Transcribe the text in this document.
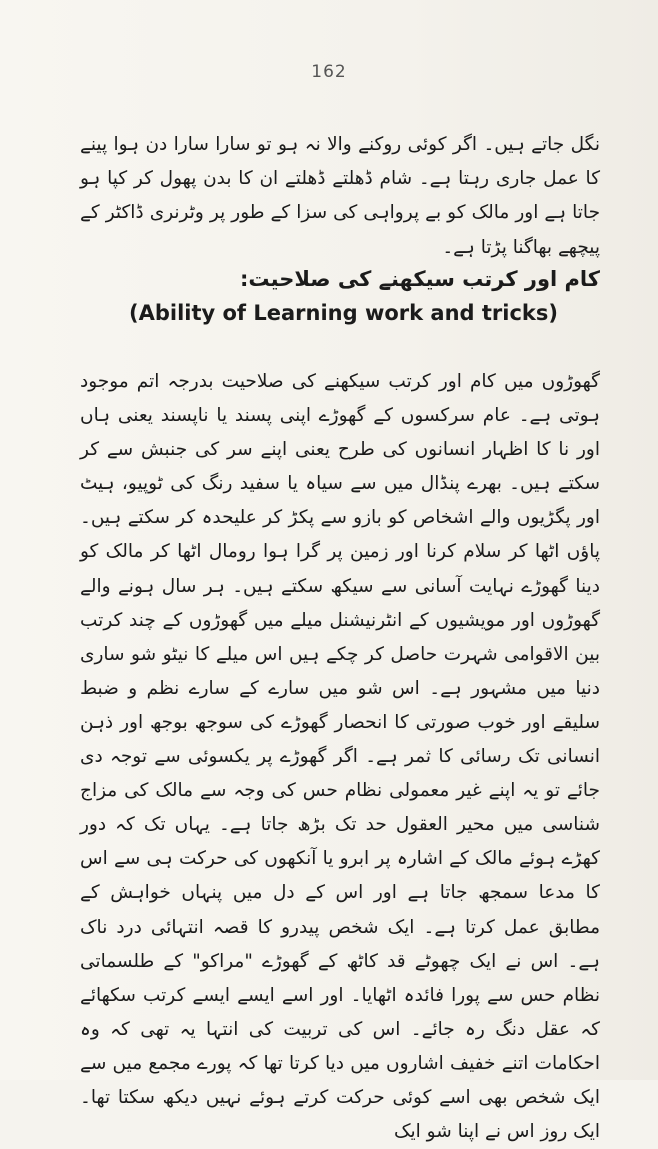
162

نگل جاتے ہیں۔ اگر کوئی روکنے والا نہ ہو تو سارا سارا دن ہوا پینے کا عمل جاری رہتا ہے۔ شام ڈھلتے ڈھلتے ان کا بدن پھول کر کپا ہو جاتا ہے اور مالک کو بے پرواہی کی سزا کے طور پر وٹرنری ڈاکٹر کے پیچھے بھاگنا پڑتا ہے۔

کام اور کرتب سیکھنے کی صلاحیت:
(Ability of Learning work and tricks)

گھوڑوں میں کام اور کرتب سیکھنے کی صلاحیت بدرجہ اتم موجود ہوتی ہے۔ عام سرکسوں کے گھوڑے اپنی پسند یا ناپسند یعنی ہاں اور نا کا اظہار انسانوں کی طرح یعنی اپنے سر کی جنبش سے کر سکتے ہیں۔ بھرے پنڈال میں سے سیاہ یا سفید رنگ کی ٹوپیو، ہیٹ اور پگڑیوں والے اشخاص کو بازو سے پکڑ کر علیحدہ کر سکتے ہیں۔ پاؤں اٹھا کر سلام کرنا اور زمین پر گرا ہوا رومال اٹھا کر مالک کو دینا گھوڑے نہایت آسانی سے سیکھ سکتے ہیں۔ ہر سال ہونے والے گھوڑوں اور مویشیوں کے انٹرنیشنل میلے میں گھوڑوں کے چند کرتب بین الاقوامی شہرت حاصل کر چکے ہیں اس میلے کا نیٹو شو ساری دنیا میں مشہور ہے۔ اس شو میں سارے کے سارے نظم و ضبط سلیقے اور خوب صورتی کا انحصار گھوڑے کی سوجھ بوجھ اور ذہن انسانی تک رسائی کا ثمر ہے۔ اگر گھوڑے پر یکسوئی سے توجہ دی جائے تو یہ اپنے غیر معمولی نظام حس کی وجہ سے مالک کی مزاج شناسی میں محیر العقول حد تک بڑھ جاتا ہے۔ یہاں تک کہ دور کھڑے ہوئے مالک کے اشارہ پر ابرو یا آنکھوں کی حرکت ہی سے اس کا مدعا سمجھ جاتا ہے اور اس کے دل میں پنہاں خواہش کے مطابق عمل کرتا ہے۔ ایک شخص پیدرو کا قصہ انتہائی درد ناک ہے۔ اس نے ایک چھوٹے قد کاٹھ کے گھوڑے "مراکو" کے طلسماتی نظام حس سے پورا فائدہ اٹھایا۔ اور اسے ایسے ایسے کرتب سکھائے کہ عقل دنگ رہ جائے۔ اس کی تربیت کی انتہا یہ تھی کہ وہ احکامات اتنے خفیف اشاروں میں دیا کرتا تھا کہ پورے مجمع میں سے ایک شخص بھی اسے کوئی حرکت کرتے ہوئے نہیں دیکھ سکتا تھا۔ ایک روز اس نے اپنا شو ایک
